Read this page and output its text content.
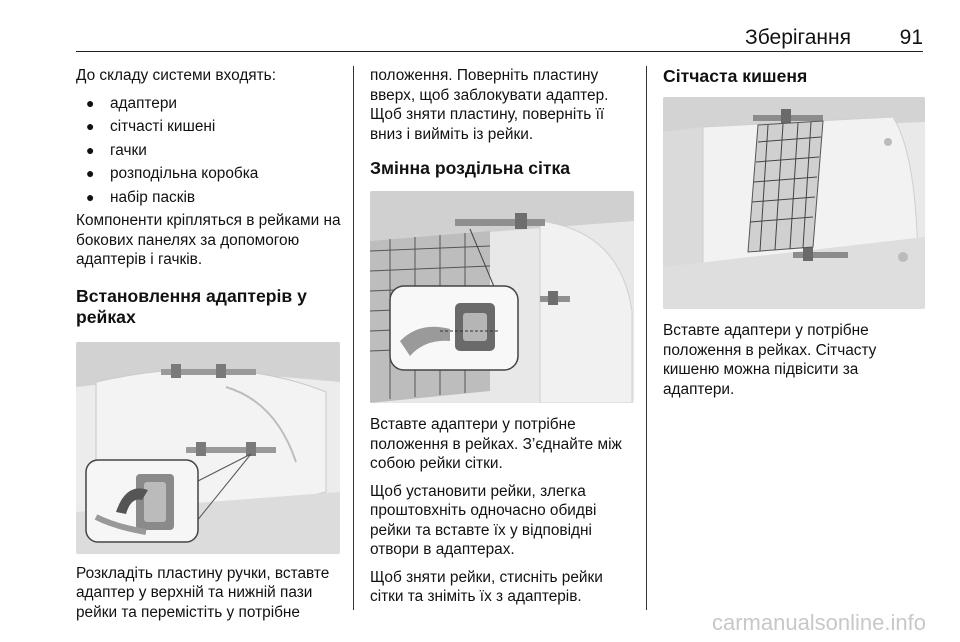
Зберігання 91

До складу системи входять:

● адаптери
● сітчасті кишені
● гачки
● розподільна коробка
● набір пасків

Компоненти кріпляться в рейками на бокових панелях за допомогою адаптерів і гачків.

Встановлення адаптерів у рейках

Розкладіть пластину ручки, вставте адаптер у верхній та нижній пази рейки та перемістіть у потрібне

положення. Поверніть пластину вверх, щоб заблокувати адаптер. Щоб зняти пластину, поверніть її вниз і вийміть із рейки.

Змінна роздільна сітка

Вставте адаптери у потрібне положення в рейках. З’єднайте між собою рейки сітки.

Щоб установити рейки, злегка проштовхніть одночасно обидві рейки та вставте їх у відповідні отвори в адаптерах.

Щоб зняти рейки, стисніть рейки сітки та зніміть їх з адаптерів.

Сітчаста кишеня

Вставте адаптери у потрібне положення в рейках. Сітчасту кишеню можна підвісити за адаптери.

carmanualsonline.info
